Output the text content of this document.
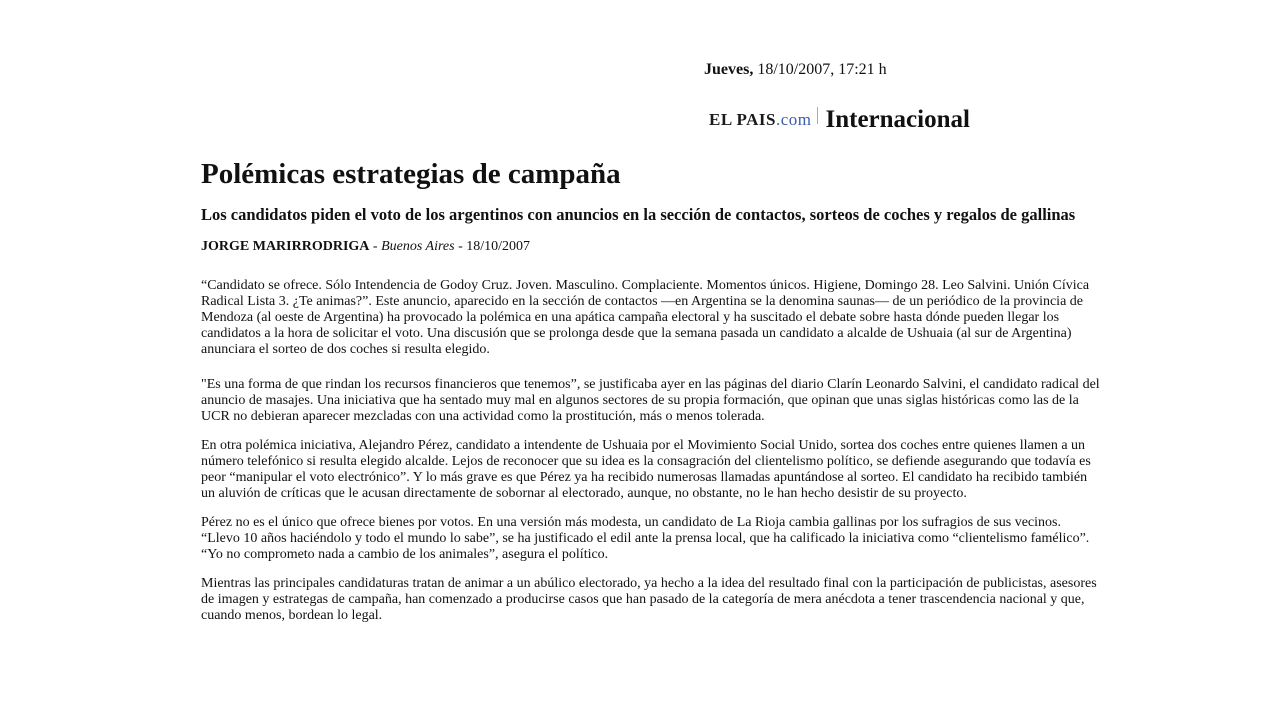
Jueves, 18/10/2007, 17:21 h
EL PAIS.com Internacional
Polémicas estrategias de campaña
Los candidatos piden el voto de los argentinos con anuncios en la sección de contactos, sorteos de coches y regalos de gallinas
JORGE MARIRRODRIGA - Buenos Aires - 18/10/2007

“Candidato se ofrece. Sólo Intendencia de Godoy Cruz. Joven. Masculino. Complaciente. Momentos únicos. Higiene, Domingo 28. Leo Salvini. Unión Cívica Radical Lista 3. ¿Te animas?”. Este anuncio, aparecido en la sección de contactos —en Argentina se la denomina saunas— de un periódico de la provincia de Mendoza (al oeste de Argentina) ha provocado la polémica en una apática campaña electoral y ha suscitado el debate sobre hasta dónde pueden llegar los candidatos a la hora de solicitar el voto. Una discusión que se prolonga desde que la semana pasada un candidato a alcalde de Ushuaia (al sur de Argentina) anunciara el sorteo de dos coches si resulta elegido.

"Es una forma de que rindan los recursos financieros que tenemos”, se justificaba ayer en las páginas del diario Clarín Leonardo Salvini, el candidato radical del anuncio de masajes. Una iniciativa que ha sentado muy mal en algunos sectores de su propia formación, que opinan que unas siglas históricas como las de la UCR no debieran aparecer mezcladas con una actividad como la prostitución, más o menos tolerada.

En otra polémica iniciativa, Alejandro Pérez, candidato a intendente de Ushuaia por el Movimiento Social Unido, sortea dos coches entre quienes llamen a un número telefónico si resulta elegido alcalde. Lejos de reconocer que su idea es la consagración del clientelismo político, se defiende asegurando que todavía es peor “manipular el voto electrónico”. Y lo más grave es que Pérez ya ha recibido numerosas llamadas apuntándose al sorteo. El candidato ha recibido también un aluvión de críticas que le acusan directamente de sobornar al electorado, aunque, no obstante, no le han hecho desistir de su proyecto.

Pérez no es el único que ofrece bienes por votos. En una versión más modesta, un candidato de La Rioja cambia gallinas por los sufragios de sus vecinos. “Llevo 10 años haciéndolo y todo el mundo lo sabe”, se ha justificado el edil ante la prensa local, que ha calificado la iniciativa como “clientelismo famélico”. “Yo no comprometo nada a cambio de los animales”, asegura el político.

Mientras las principales candidaturas tratan de animar a un abúlico electorado, ya hecho a la idea del resultado final con la participación de publicistas, asesores de imagen y estrategas de campaña, han comenzado a producirse casos que han pasado de la categoría de mera anécdota a tener trascendencia nacional y que, cuando menos, bordean lo legal.
